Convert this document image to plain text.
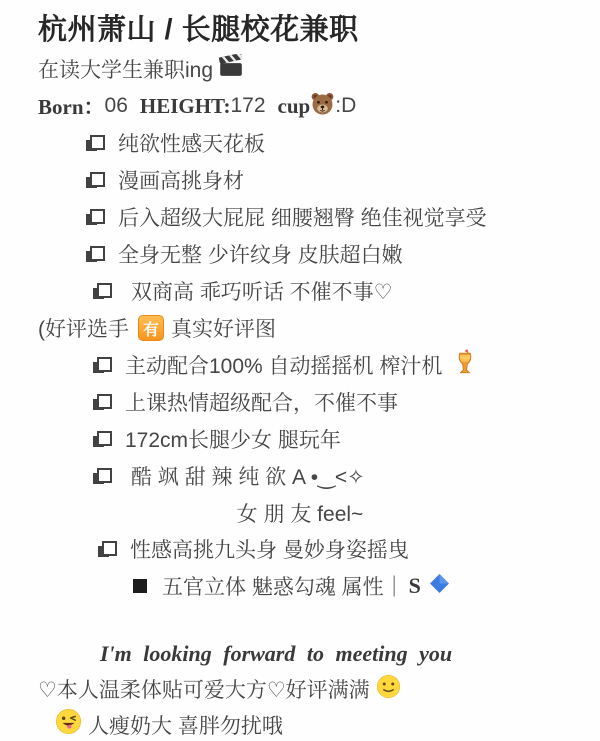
杭州萧山 / 长腿校花兼职
在读大学生兼职ing
Born： 06 HEIGHT: 172 cup :D
纯欲性感天花板
漫画高挑身材
后入超级大屁屁 细腰翘臀 绝佳视觉享受
全身无整 少许纹身 皮肤超白嫩
双商高 乖巧听话 不催不事♡
(好评选手 有 真实好评图
主动配合100% 自动摇摇机 榨汁机
上课热情超级配合，不催不事
172cm长腿少女 腿玩年
酷 飒 甜 辣 纯 欲 A •‿˂✧
女 朋 友 feel~
性感高挑九头身 曼妙身姿摇曳
五官立体 魅惑勾魂 属性｜ S
I'm looking forward to meeting you
♡本人温柔体贴可爱大方♡好评满满
人瘦奶大 喜胖勿扰哦
